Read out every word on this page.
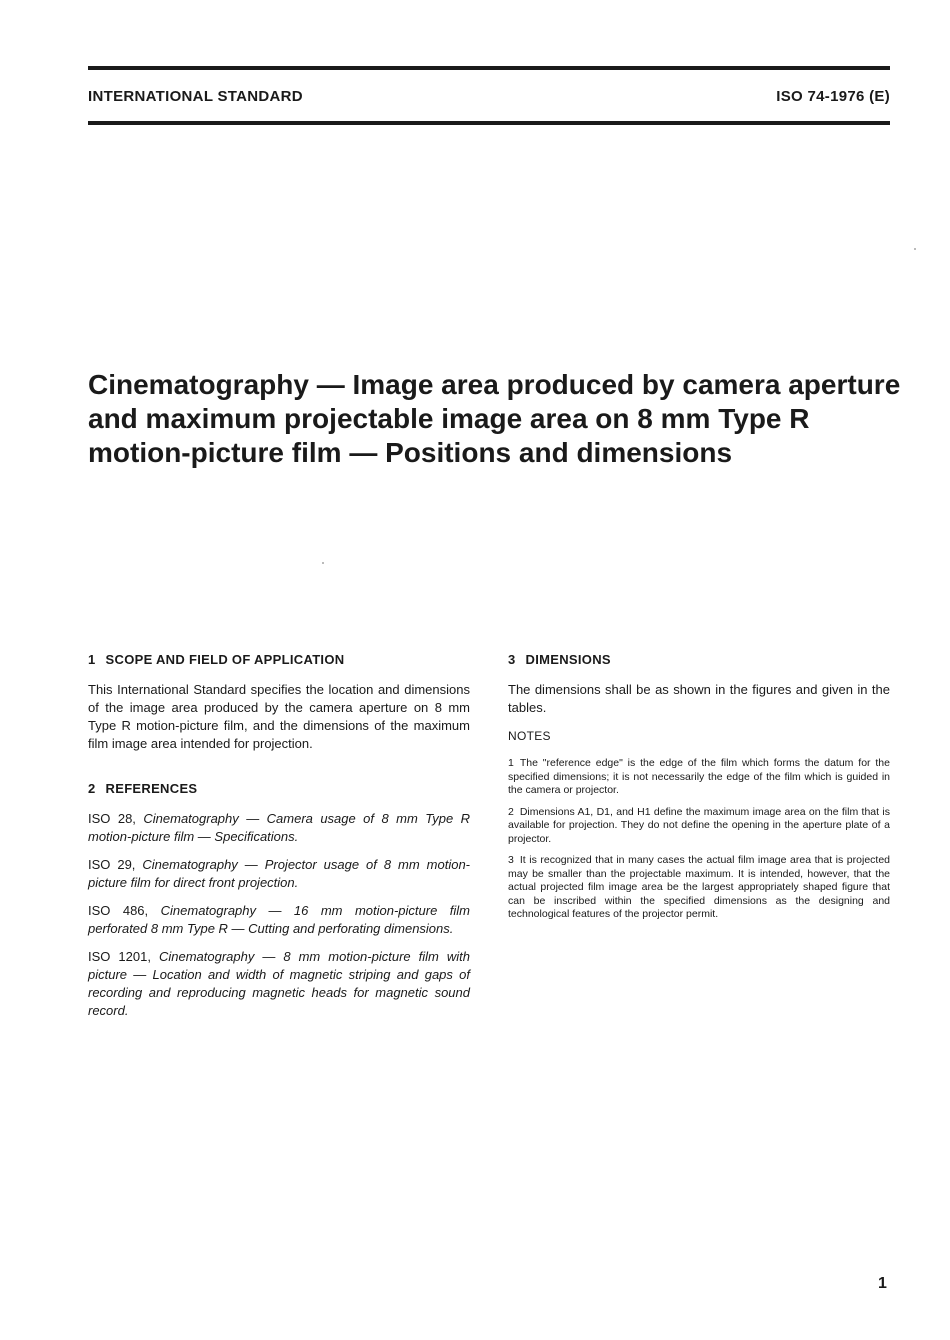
INTERNATIONAL STANDARD	ISO 74-1976 (E)
Cinematography — Image area produced by camera aperture
and maximum projectable image area on 8 mm Type R
motion-picture film — Positions and dimensions
1 SCOPE AND FIELD OF APPLICATION

This International Standard specifies the location and dimensions of the image area produced by the camera aperture on 8 mm Type R motion-picture film, and the dimensions of the maximum film image area intended for projection.

2 REFERENCES

ISO 28, Cinematography — Camera usage of 8 mm Type R motion-picture film — Specifications.

ISO 29, Cinematography — Projector usage of 8 mm motion-picture film for direct front projection.

ISO 486, Cinematography — 16 mm motion-picture film perforated 8 mm Type R — Cutting and perforating dimensions.

ISO 1201, Cinematography — 8 mm motion-picture film with picture — Location and width of magnetic striping and gaps of recording and reproducing magnetic heads for magnetic sound record.

3 DIMENSIONS

The dimensions shall be as shown in the figures and given in the tables.

NOTES

1 The "reference edge" is the edge of the film which forms the datum for the specified dimensions; it is not necessarily the edge of the film which is guided in the camera or projector.

2 Dimensions A1, D1, and H1 define the maximum image area on the film that is available for projection. They do not define the opening in the aperture plate of a projector.

3 It is recognized that in many cases the actual film image area that is projected may be smaller than the projectable maximum. It is intended, however, that the actual projected film image area be the largest appropriately shaped figure that can be inscribed within the specified dimensions as the designing and technological features of the projector permit.

1
